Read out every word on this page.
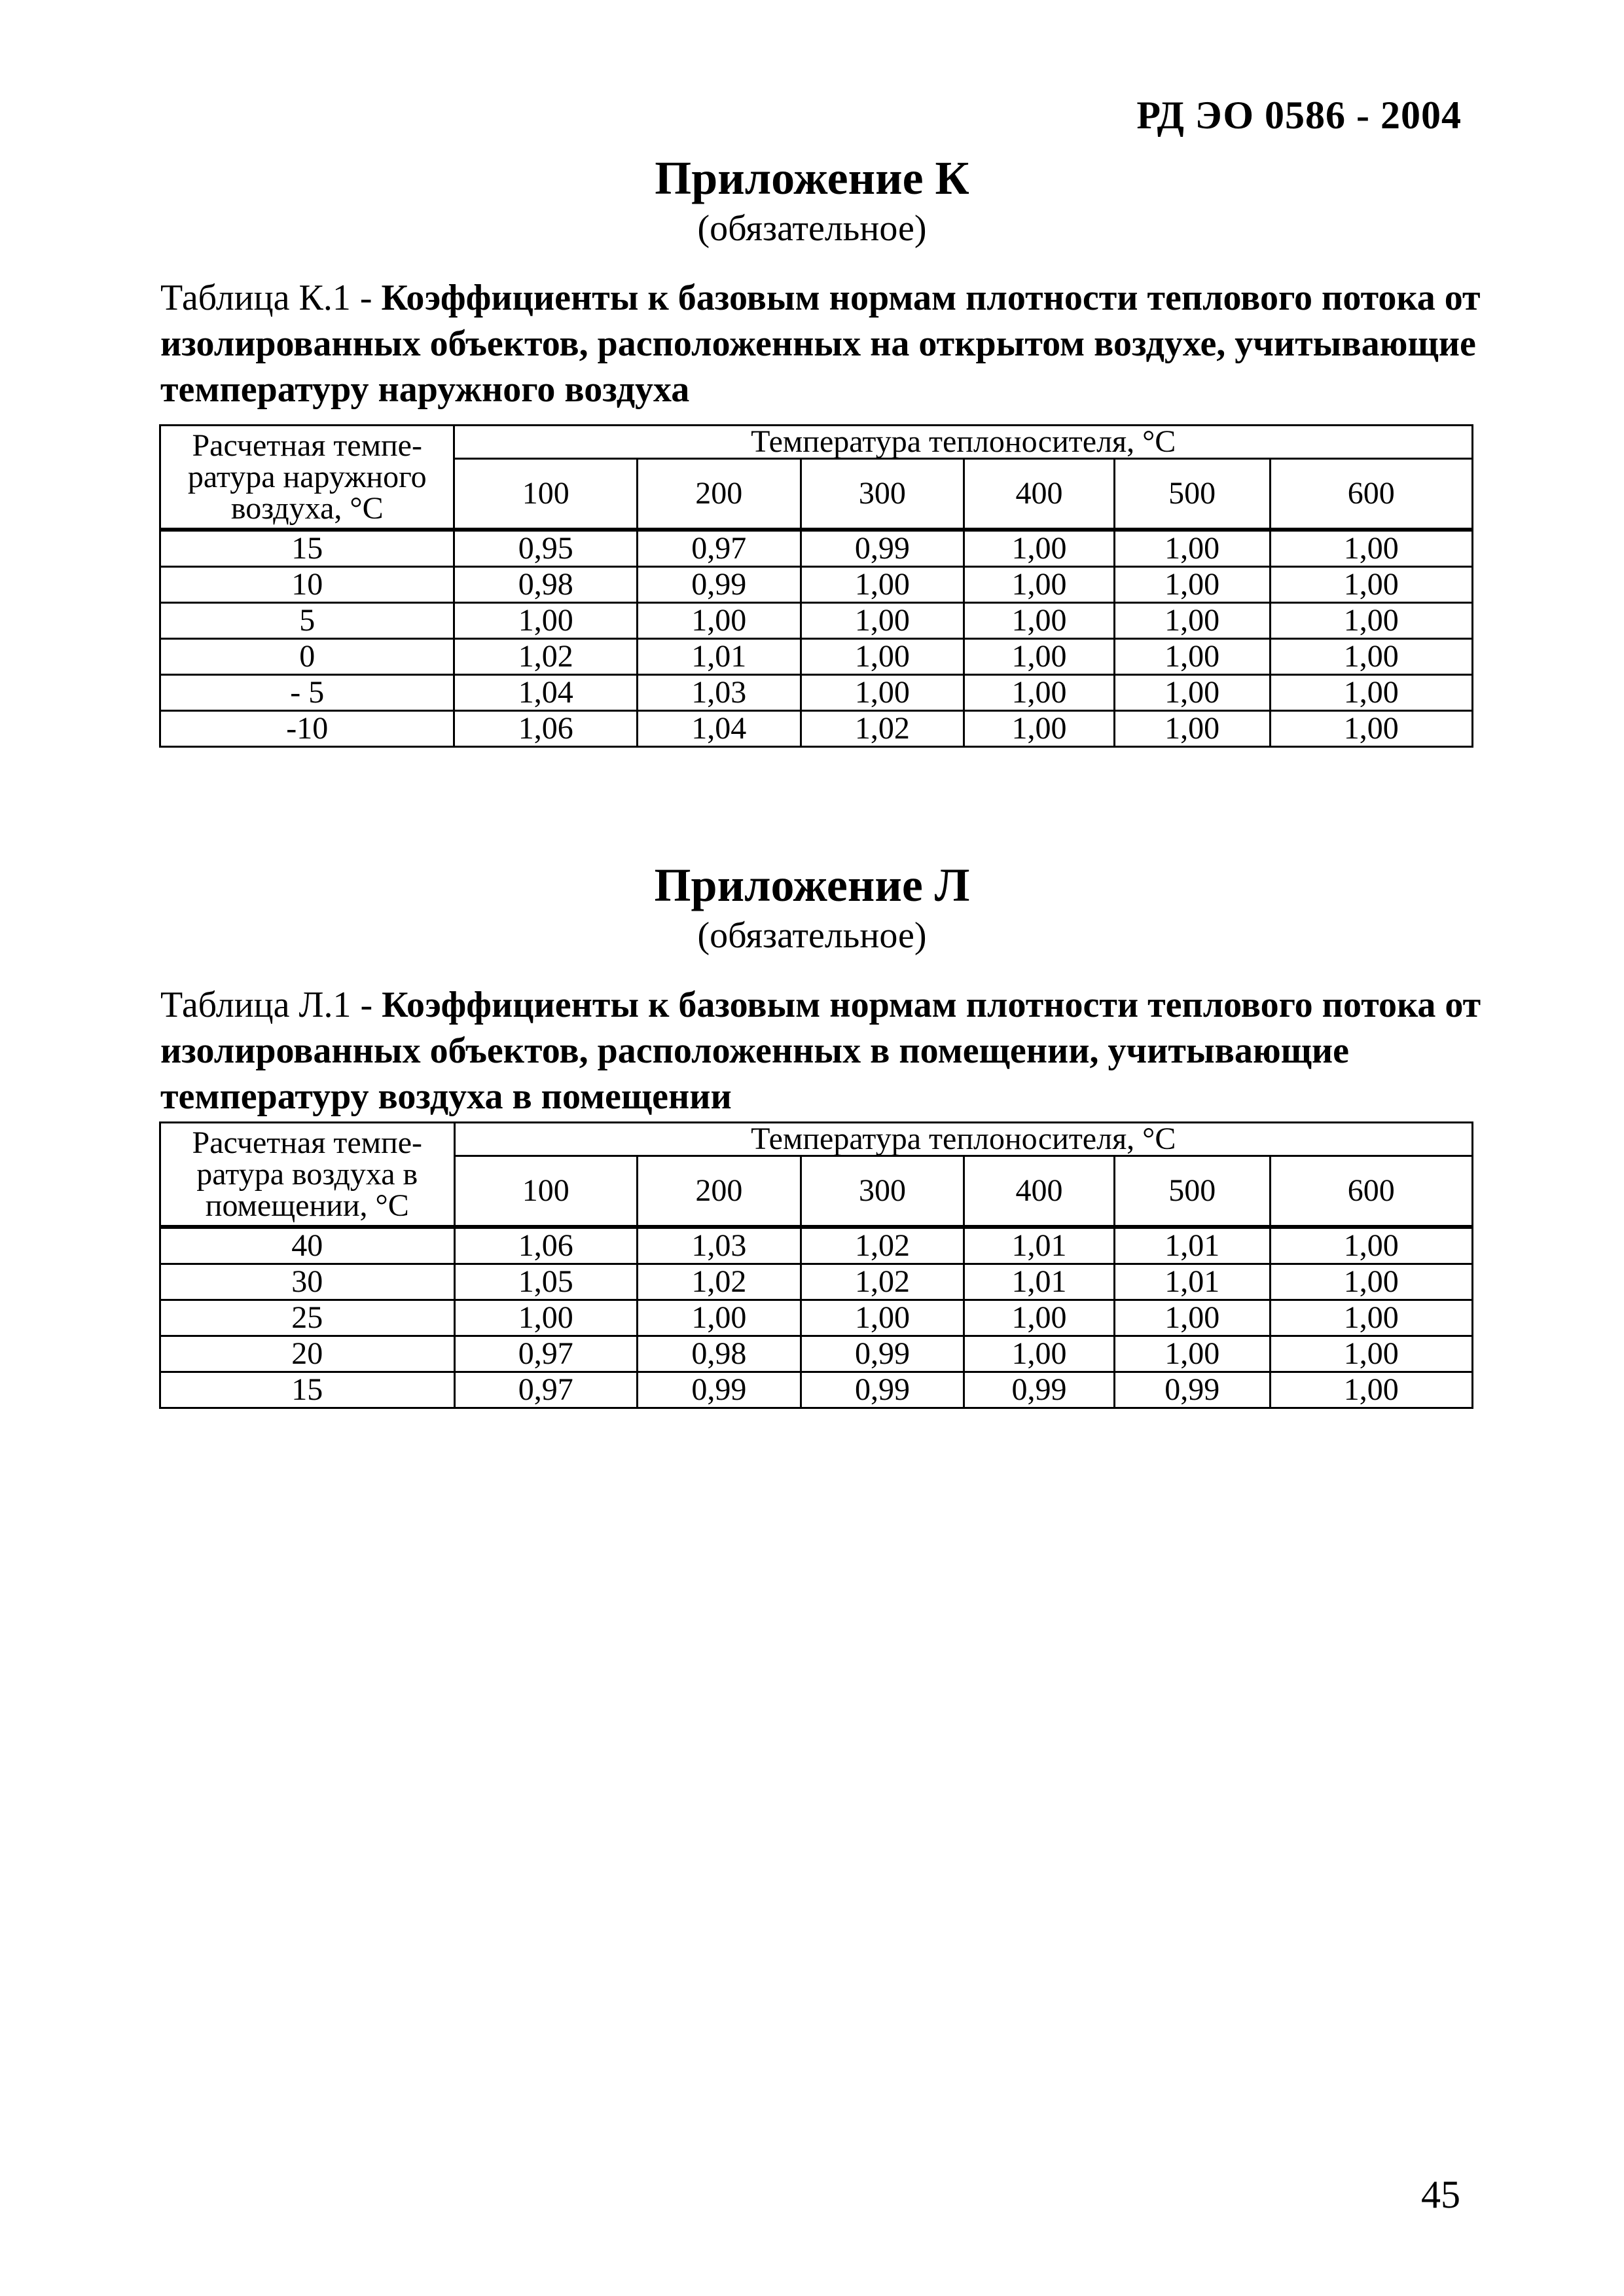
РД ЭО 0586 - 2004
Приложение К
(обязательное)
Таблица К.1 - Коэффициенты к базовым нормам плотности теплового потока от изолированных объектов, расположенных на открытом воздухе, учитывающие температуру наружного воздуха
Расчетная темпе- ратура наружного воздуха, °С	Температура теплоносителя, °С					
	100	200	300	400	500	600
15	0,95	0,97	0,99	1,00	1,00	1,00
10	0,98	0,99	1,00	1,00	1,00	1,00
5	1,00	1,00	1,00	1,00	1,00	1,00
0	1,02	1,01	1,00	1,00	1,00	1,00
- 5	1,04	1,03	1,00	1,00	1,00	1,00
-10	1,06	1,04	1,02	1,00	1,00	1,00
Приложение Л
(обязательное)
Таблица Л.1 - Коэффициенты к базовым нормам плотности теплового потока от изолированных объектов, расположенных в помещении, учитывающие температуру воздуха в помещении
Расчетная темпе- ратура воздуха в помещении, °С	Температура теплоносителя, °С					
	100	200	300	400	500	600
40	1,06	1,03	1,02	1,01	1,01	1,00
30	1,05	1,02	1,02	1,01	1,01	1,00
25	1,00	1,00	1,00	1,00	1,00	1,00
20	0,97	0,98	0,99	1,00	1,00	1,00
15	0,97	0,99	0,99	0,99	0,99	1,00
45
